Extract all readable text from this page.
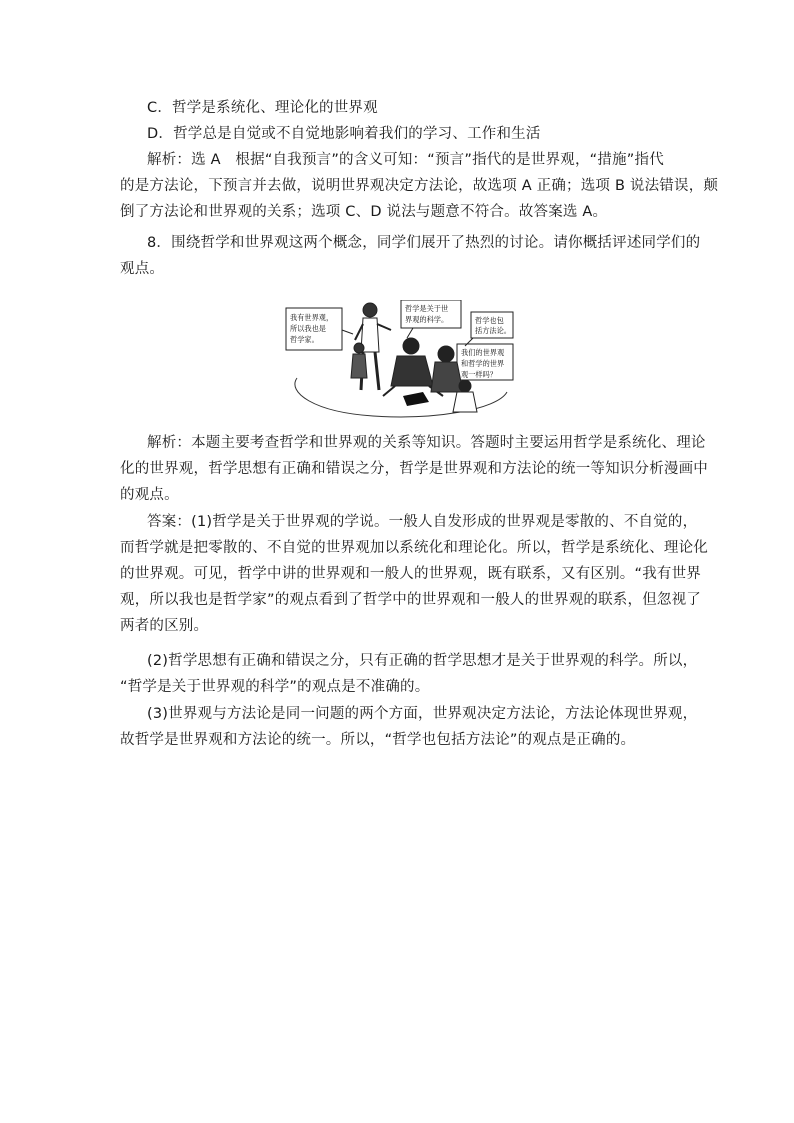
C．哲学是系统化、理论化的世界观
D．哲学总是自觉或不自觉地影响着我们的学习、工作和生活
解析：选 A　根据“自我预言”的含义可知：“预言”指代的是世界观，“措施”指代
的是方法论，下预言并去做，说明世界观决定方法论，故选项 A 正确；选项 B 说法错误，颠
倒了方法论和世界观的关系；选项 C、D 说法与题意不符合。故答案选 A。
8．围绕哲学和世界观这两个概念，同学们展开了热烈的讨论。请你概括评述同学们的
观点。
我有世界观， 所以我也是 哲学家。 哲学是关于世 界观的科学。	哲学也包 括方法论。 我们的世界观 和哲学的世界 观一样吗？
解析：本题主要考查哲学和世界观的关系等知识。答题时主要运用哲学是系统化、理论
化的世界观，哲学思想有正确和错误之分，哲学是世界观和方法论的统一等知识分析漫画中
的观点。
答案：(1)哲学是关于世界观的学说。一般人自发形成的世界观是零散的、不自觉的，
而哲学就是把零散的、不自觉的世界观加以系统化和理论化。所以，哲学是系统化、理论化
的世界观。可见，哲学中讲的世界观和一般人的世界观，既有联系，又有区别。“我有世界
观，所以我也是哲学家”的观点看到了哲学中的世界观和一般人的世界观的联系，但忽视了
两者的区别。
(2)哲学思想有正确和错误之分，只有正确的哲学思想才是关于世界观的科学。所以，
“哲学是关于世界观的科学”的观点是不准确的。
(3)世界观与方法论是同一问题的两个方面，世界观决定方法论，方法论体现世界观，
故哲学是世界观和方法论的统一。所以，“哲学也包括方法论”的观点是正确的。
